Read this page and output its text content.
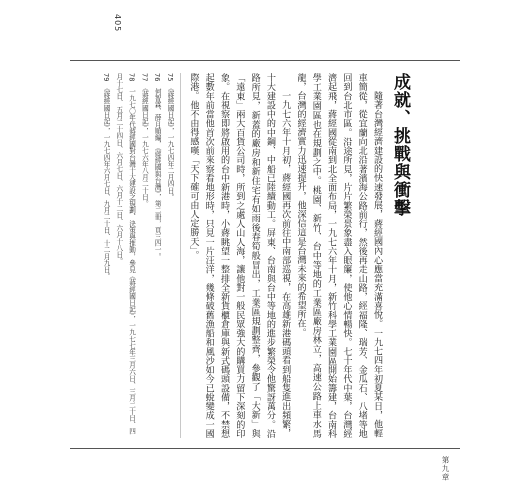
405
成就、挑戰與衝擊

隨著台灣經濟建設的快速發展，蔣經國內心應當充滿喜悅。一九七四年初夏某日，他輕車簡從，從宜蘭向北沿著濱海公路前行，然後再走山路，經福隆、瑞芳、金瓜石、八堵等地回到台北市區。沿途所見，片片繁榮景象盡入眼簾，使他心情暢快。七十年代中葉，台灣經濟起飛，蔣經國從南到北全面布局，一九七六年十月，新竹科學工業園區開始籌建，台南科學工業園區也在規劃之中。桃園、新竹、台中等地的工業區廠房林立，高速公路上車水馬龍，台灣的經濟實力迅速提升，他深信這是台灣未來的希望所在。

一九七六年十月初，蔣經國再次前往中南部巡視，在高雄新港碼頭看到船隻進出頻繁，十大建設中的中鋼、中船已陸續動工。屏東、台南與台中等地的進步繁榮令他驚訝萬分。沿路所見，新蓋的廠房和新住宅有如雨後春筍般冒出，工業區規劃整齊，參觀了「大新」與「遠東」兩大百貨公司時，所到之處人山人海，讓他對一般民眾強大的購買力留下深刻的印象。在視察即將啟用的台中新港時，小蔣眺望一整排全新貨櫃倉庫與新式碼頭設備，不禁想起數年前當他首次前來察看地形時，只見一片汪洋，幾條破舊漁船和風沙如今已蛻變成一國際港。他不由得感嘆「天下確可由人定勝天」。

75　《蔣經國日記》，一九七四年二月四日。
76　何智霖、薛月順編，《蔣經國與台灣》，第二冊，頁三四一。
77　《蔣經國日記》，一九七六年八月二十日。
78　一九七〇年代蔣經國對台灣十大建設之規劃、決策與推動，參見《蔣經國日記》，一九七七年三月六日、三月二十日、四月十七日、五月二十四日、六月七日、六月十二日、六月十八日。
79　《蔣經國日記》，一九七四年六月七日、九月二十日、十二月九日。
第九章
